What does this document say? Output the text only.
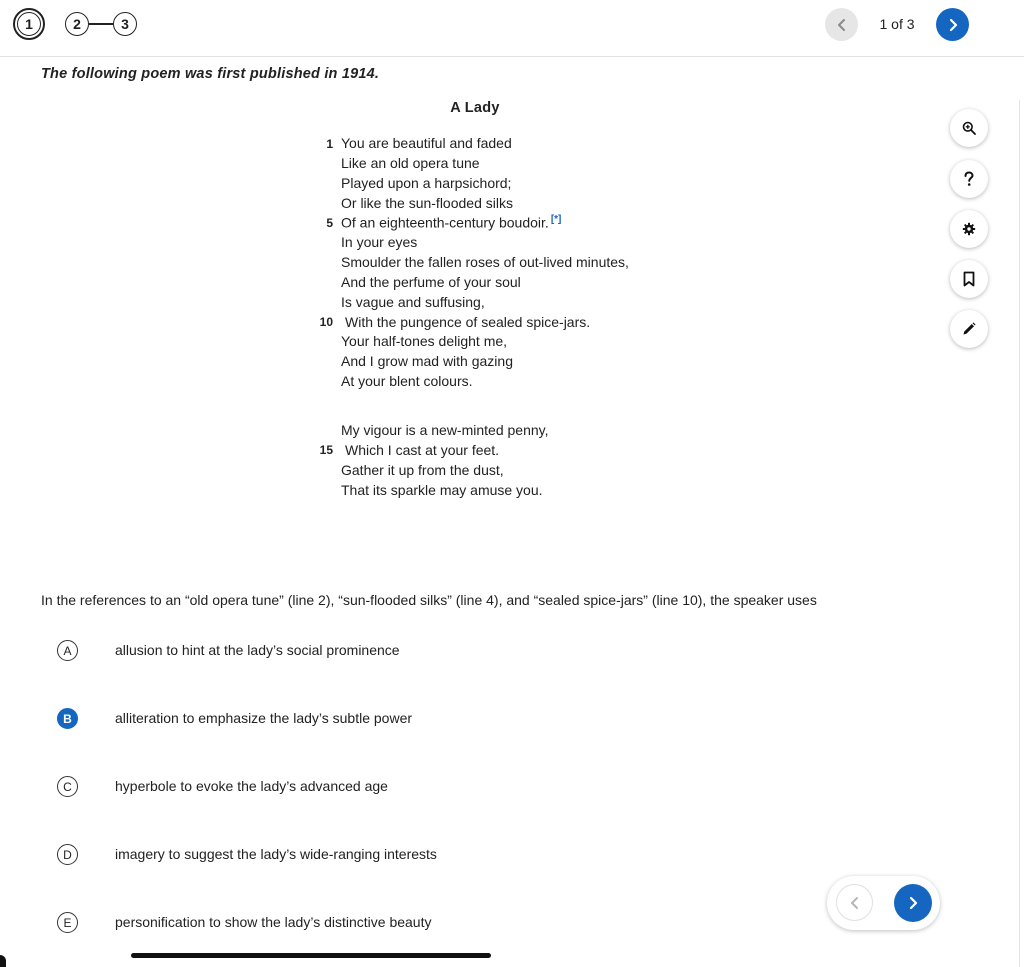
1	2	3	1 of 3
The following poem was first published in 1914.
A Lady
1 You are beautiful and faded
Like an old opera tune
Played upon a harpsichord;
Or like the sun-flooded silks
5 Of an eighteenth-century boudoir. [*]
In your eyes
Smoulder the fallen roses of out-lived minutes,
And the perfume of your soul
Is vague and suffusing,
10 With the pungence of sealed spice-jars.
Your half-tones delight me,
And I grow mad with gazing
At your blent colours.
My vigour is a new-minted penny,
15 Which I cast at your feet.
Gather it up from the dust,
That its sparkle may amuse you.
In the references to an “old opera tune” (line 2), “sun-flooded silks” (line 4), and “sealed spice-jars” (line 10), the speaker uses
A	allusion to hint at the lady’s social prominence
B	alliteration to emphasize the lady’s subtle power
C	hyperbole to evoke the lady’s advanced age
D	imagery to suggest the lady’s wide-ranging interests
E	personification to show the lady’s distinctive beauty
